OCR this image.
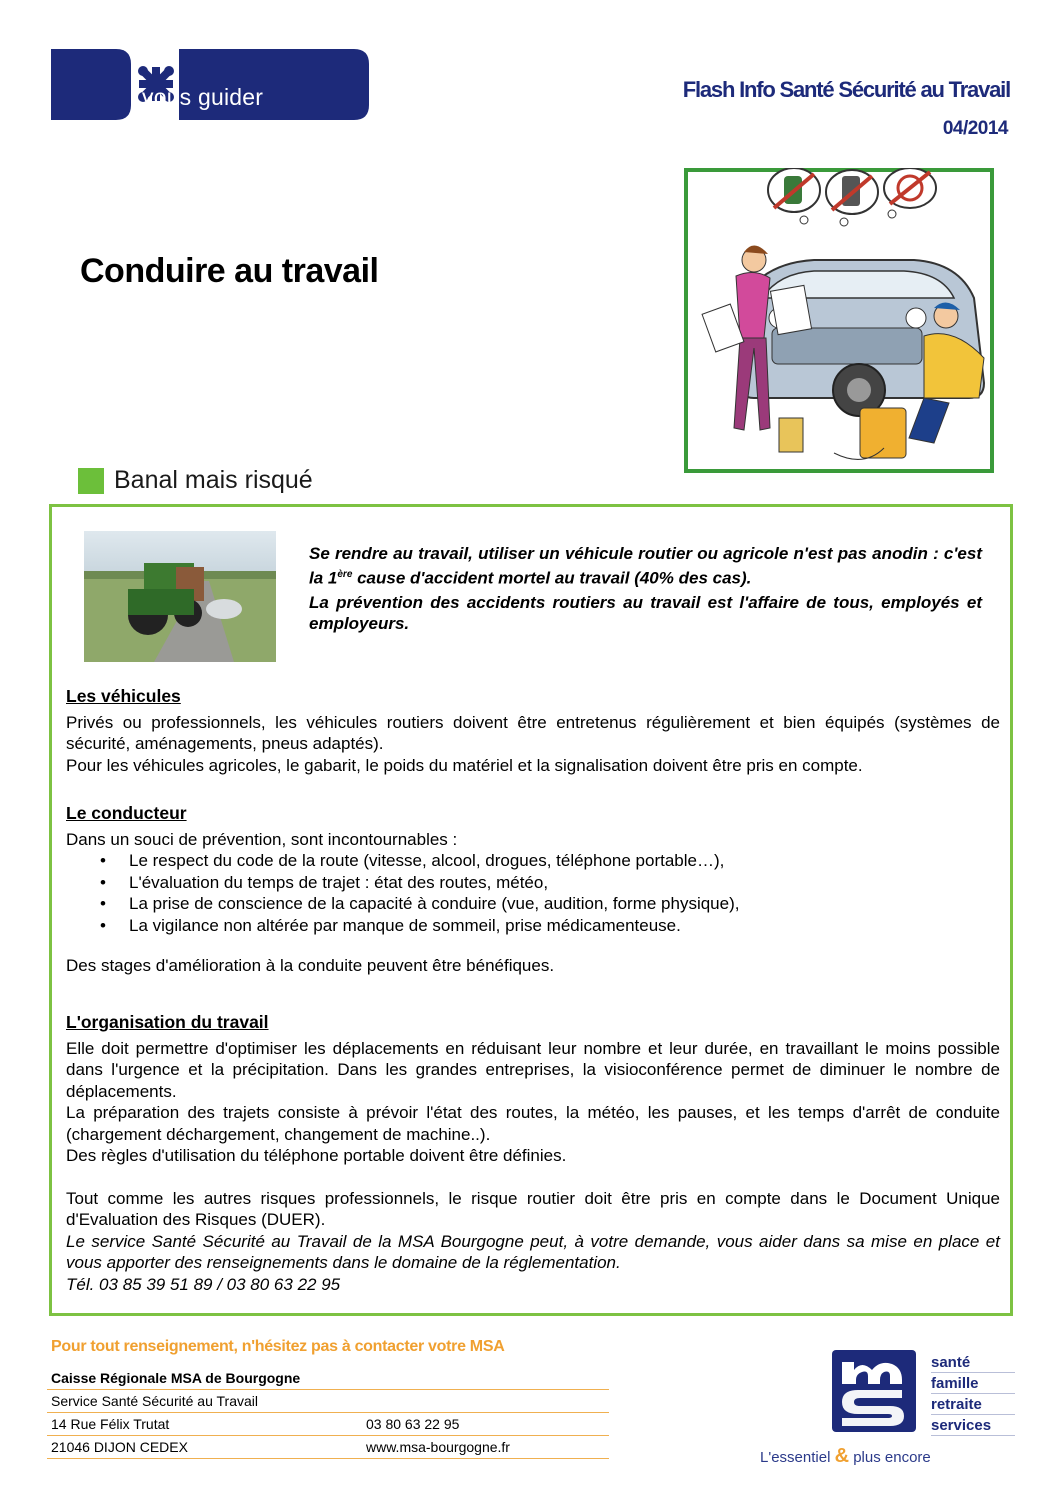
vous guider	Flash Info Santé Sécurité au Travail
04/2014
Conduire au travail
Banal mais risqué

Se rendre au travail, utiliser un véhicule routier ou agricole n'est pas anodin : c'est la 1ère cause d'accident mortel au travail (40% des cas).

La prévention des accidents routiers au travail est l'affaire de tous, employés et employeurs.

Les véhicules
Privés ou professionnels, les véhicules routiers doivent être entretenus régulièrement et bien équipés (systèmes de sécurité, aménagements, pneus adaptés).
Pour les véhicules agricoles, le gabarit, le poids du matériel et la signalisation doivent être pris en compte.
Le conducteur
Dans un souci de prévention, sont incontournables :
• Le respect du code de la route (vitesse, alcool, drogues, téléphone portable…),
• L'évaluation du temps de trajet : état des routes, météo,
• La prise de conscience de la capacité à conduire (vue, audition, forme physique),
• La vigilance non altérée par manque de sommeil, prise médicamenteuse.
Des stages d'amélioration à la conduite peuvent être bénéfiques.
L'organisation du travail
Elle doit permettre d'optimiser les déplacements en réduisant leur nombre et leur durée, en travaillant le moins possible dans l'urgence et la précipitation. Dans les grandes entreprises, la visioconférence permet de diminuer le nombre de déplacements.
La préparation des trajets consiste à prévoir l'état des routes, la météo, les pauses, et les temps d'arrêt de conduite (chargement déchargement, changement de machine..).
Des règles d'utilisation du téléphone portable doivent être définies.
Tout comme les autres risques professionnels, le risque routier doit être pris en compte dans le Document Unique d'Evaluation des Risques (DUER).
Le service Santé Sécurité au Travail de la MSA Bourgogne peut, à votre demande, vous aider dans sa mise en place et vous apporter des renseignements dans le domaine de la réglementation.
Tél. 03 85 39 51 89 / 03 80 63 22 95
Pour tout renseignement, n'hésitez pas à contacter votre MSA
Caisse Régionale MSA de Bourgogne
Service Santé Sécurité au Travail
14 Rue Félix Trutat	03 80 63 22 95
21046 DIJON CEDEX	www.msa-bourgogne.fr
santé
famille
retraite
services
L'essentiel & plus encore
